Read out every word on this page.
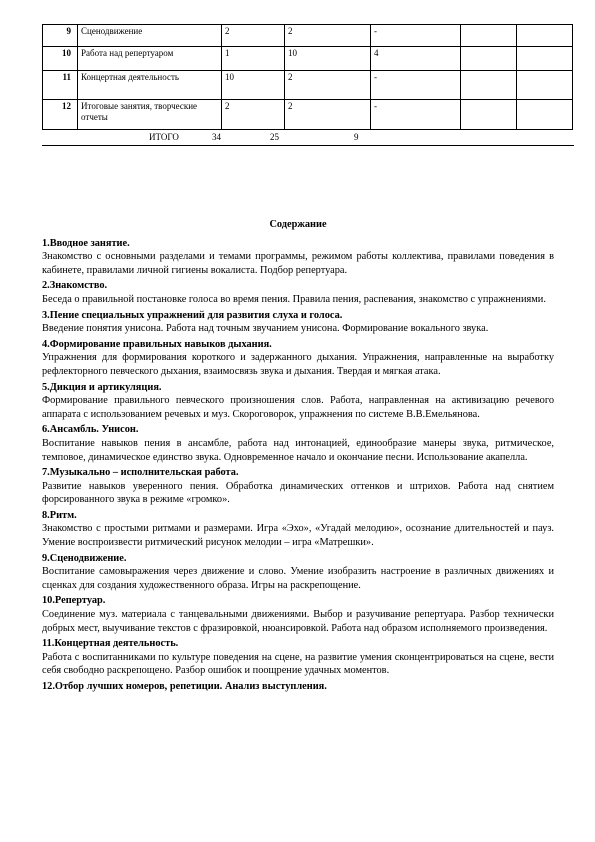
9	Сценодвижение	2	2	-		
10	Работа над репертуаром	1	10	4		
11	Концертная деятельность	10	2	-		
12	Итоговые занятия, творческие отчеты	2	2	-		
ИТОГО	34	25	9

Содержание

1.Вводное занятие.

Знакомство с основными разделами и темами программы, режимом работы коллектива, правилами поведения в кабинете, правилами личной гигиены вокалиста. Подбор репертуара.

2.Знакомство.

Беседа о правильной постановке голоса во время пения. Правила пения, распевания, знакомство с упражнениями.

3.Пение специальных упражнений для развития слуха и голоса.

Введение понятия унисона. Работа над точным звучанием унисона. Формирование вокального звука.

4.Формирование правильных навыков дыхания.

Упражнения для формирования короткого и задержанного дыхания. Упражнения, направленные на выработку рефлекторного певческого дыхания, взаимосвязь звука и дыхания. Твердая и мягкая атака.

5.Дикция и артикуляция.

Формирование правильного певческого произношения слов. Работа, направленная на активизацию речевого аппарата с использованием речевых и муз. Скороговорок, упражнения по системе В.В.Емельянова.

6.Ансамбль. Унисон.

Воспитание навыков пения в ансамбле, работа над интонацией, единообразие манеры звука, ритмическое, темповое, динамическое единство звука. Одновременное начало и окончание песни. Использование акапелла.

7.Музыкально – исполнительская работа.

Развитие навыков уверенного пения. Обработка динамических оттенков и штрихов. Работа над снятием форсированного звука в режиме «громко».

8.Ритм.

Знакомство с простыми ритмами и размерами. Игра «Эхо», «Угадай мелодию», осознание длительностей и пауз. Умение воспроизвести ритмический рисунок мелодии – игра «Матрешки».

9.Сценодвижение.

Воспитание самовыражения через движение и слово. Умение изобразить настроение в различных движениях и сценках для создания художественного образа. Игры на раскрепощение.

10.Репертуар.

Соединение муз. материала с танцевальными движениями. Выбор и разучивание репертуара. Разбор технически добрых мест, выучивание текстов с фразировкой, нюансировкой. Работа над образом исполняемого произведения.

11.Концертная деятельность.

Работа с воспитанниками по культуре поведения на сцене, на развитие умения сконцентрироваться на сцене, вести себя свободно раскрепощено. Разбор ошибок и поощрение удачных моментов.

12.Отбор лучших номеров, репетиции. Анализ выступления.
